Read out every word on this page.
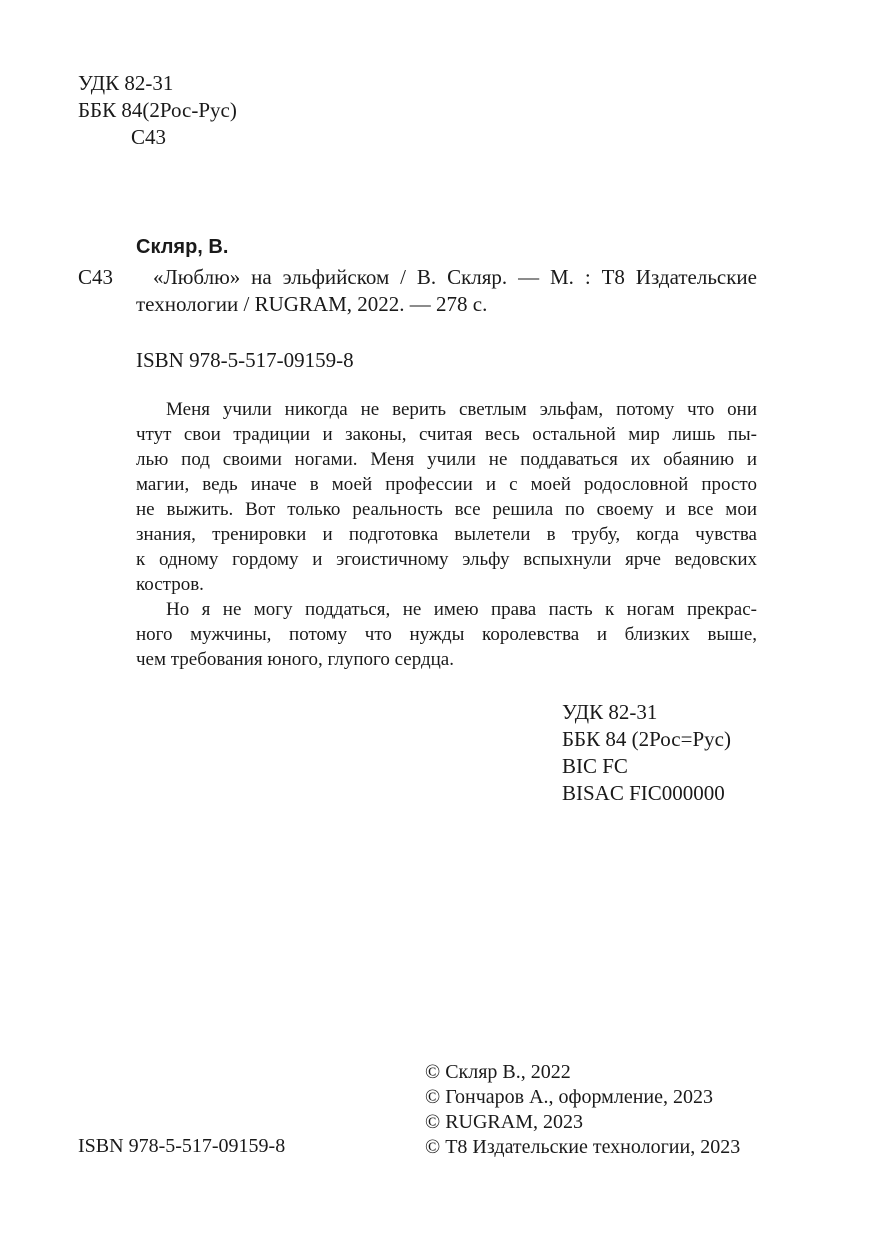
УДК 82-31
ББК 84(2Рос-Рус)
С43
Скляр, В.
С43	«Люблю» на эльфийском / В. Скляр. — М. : Т8 Издательские
технологии / RUGRAM, 2022. — 278 с.
ISBN 978-5-517-09159-8
Меня учили никогда не верить светлым эльфам, потому что они
чтут свои традиции и законы, считая весь остальной мир лишь пы-
лью под своими ногами. Меня учили не поддаваться их обаянию и
магии, ведь иначе в моей профессии и с моей родословной просто
не выжить. Вот только реальность все решила по своему и все мои
знания, тренировки и подготовка вылетели в трубу, когда чувства
к одному гордому и эгоистичному эльфу вспыхнули ярче ведовских
костров.
Но я не могу поддаться, не имею права пасть к ногам прекрас-
ного мужчины, потому что нужды королевства и близких выше,
чем требования юного, глупого сердца.
УДК 82-31
ББК 84 (2Рос=Рус)
BIC FC
BISAC FIC000000
© Скляр В., 2022
© Гончаров А., оформление, 2023
© RUGRAM, 2023
© Т8 Издательские технологии, 2023
ISBN 978-5-517-09159-8
